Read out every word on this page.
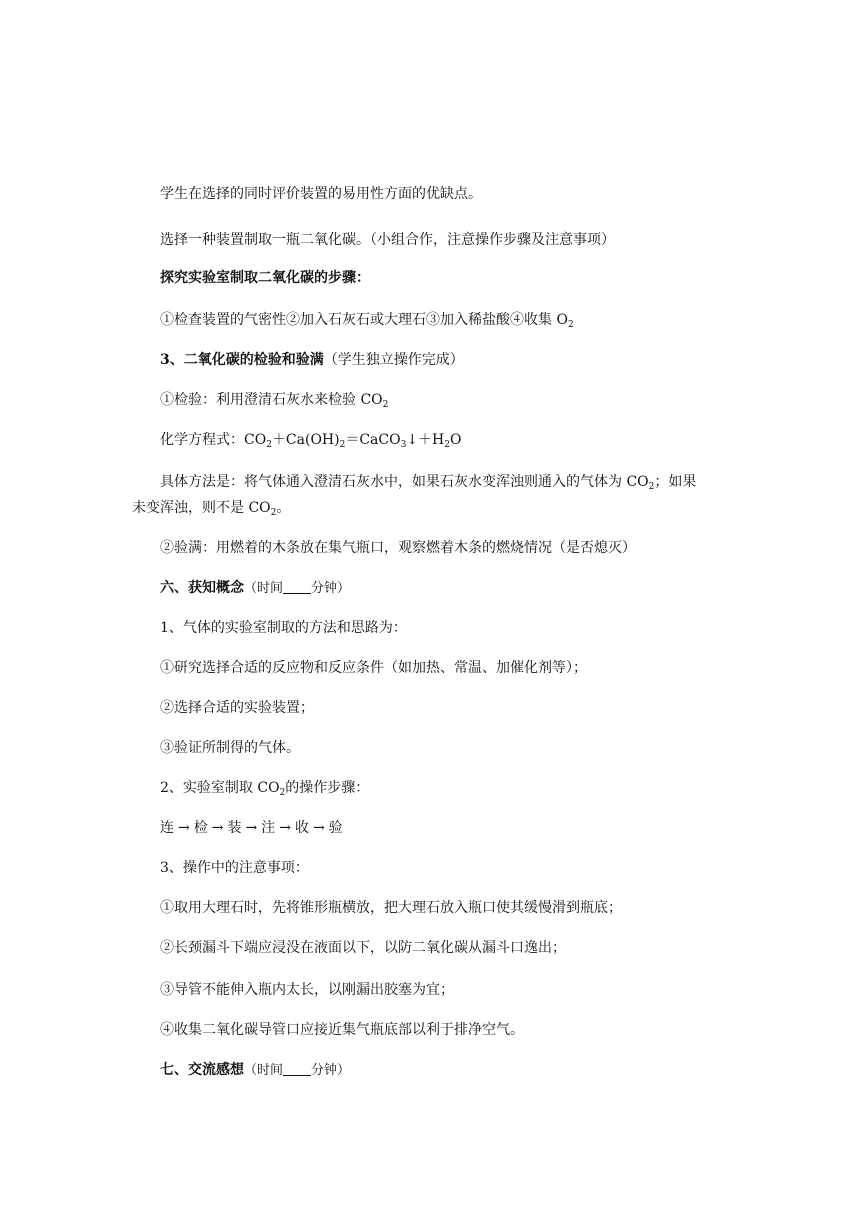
学生在选择的同时评价装置的易用性方面的优缺点。
选择一种装置制取一瓶二氧化碳。（小组合作，注意操作步骤及注意事项）
探究实验室制取二氧化碳的步骤：
①检查装置的气密性②加入石灰石或大理石③加入稀盐酸④收集 $O_2$
3、二氧化碳的检验和验满（学生独立操作完成）
①检验：利用澄清石灰水来检验 $CO_2$
化学方程式：$CO_2+Ca(OH)_2=CaCO_3↓+H_2O$
具体方法是：将气体通入澄清石灰水中，如果石灰水变浑浊则通入的气体为 $CO_2$；如果
未变浑浊，则不是 $CO_2$。
②验满：用燃着的木条放在集气瓶口，观察燃着木条的燃烧情况（是否熄灭）
六、获知概念（时间 分钟）
1、气体的实验室制取的方法和思路为：
①研究选择合适的反应物和反应条件（如加热、常温、加催化剂等）；
②选择合适的实验装置；
③验证所制得的气体。
2、实验室制取 $CO_2$的操作步骤：
连 → 检 → 装 → 注 → 收 → 验
3、操作中的注意事项：
①取用大理石时，先将锥形瓶横放，把大理石放入瓶口使其缓慢滑到瓶底；
②长颈漏斗下端应浸没在液面以下，以防二氧化碳从漏斗口逸出；
③导管不能伸入瓶内太长，以刚漏出胶塞为宜；
④收集二氧化碳导管口应接近集气瓶底部以利于排净空气。
七、交流感想（时间 分钟）
